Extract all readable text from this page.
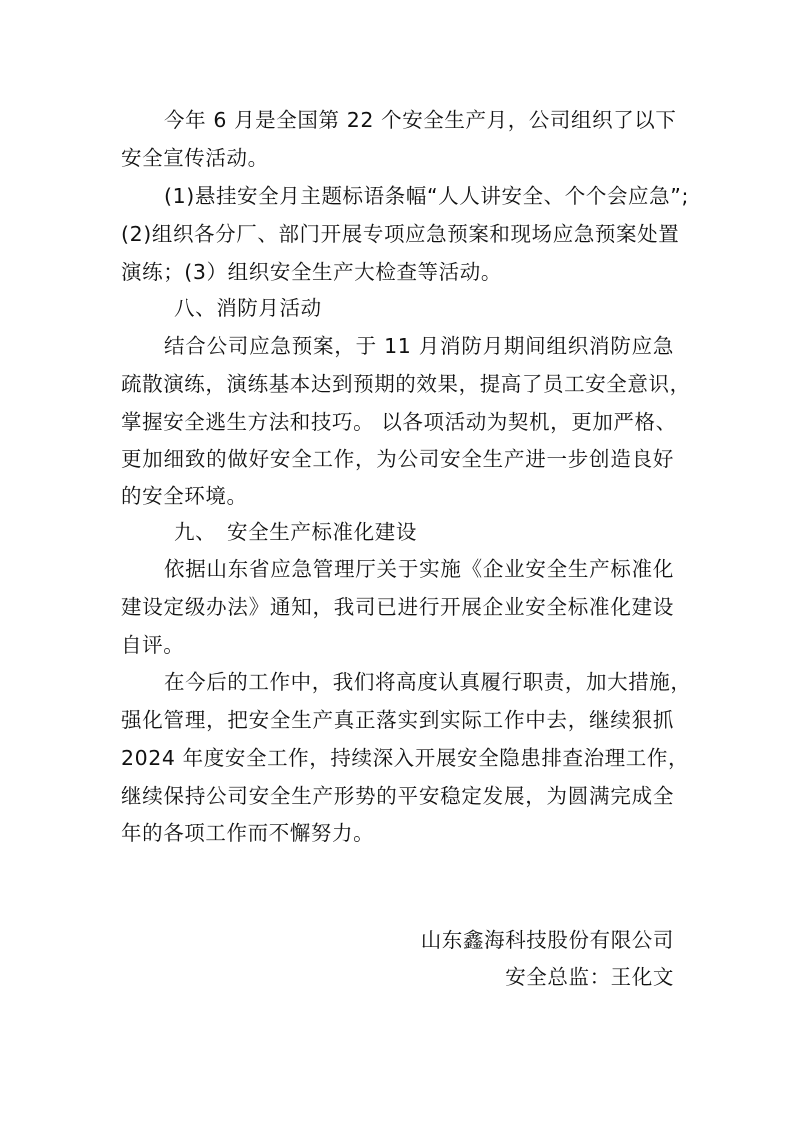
今年 6 月是全国第 22 个安全生产月，公司组织了以下
安全宣传活动。
(1)悬挂安全月主题标语条幅“人人讲安全、个个会应急”;
(2)组织各分厂、部门开展专项应急预案和现场应急预案处置
演练；(3）组织安全生产大检查等活动。
八、消防月活动
结合公司应急预案，于 11 月消防月期间组织消防应急
疏散演练，演练基本达到预期的效果，提高了员工安全意识，
掌握安全逃生方法和技巧。 以各项活动为契机，更加严格、
更加细致的做好安全工作，为公司安全生产进一步创造良好
的安全环境。
九、　安全生产标准化建设
依据山东省应急管理厅关于实施《企业安全生产标准化
建设定级办法》通知，我司已进行开展企业安全标准化建设
自评。
在今后的工作中，我们将高度认真履行职责，加大措施，
强化管理，把安全生产真正落实到实际工作中去，继续狠抓
2024 年度安全工作，持续深入开展安全隐患排查治理工作，
继续保持公司安全生产形势的平安稳定发展，为圆满完成全
年的各项工作而不懈努力。
山东鑫海科技股份有限公司
安全总监：王化文
